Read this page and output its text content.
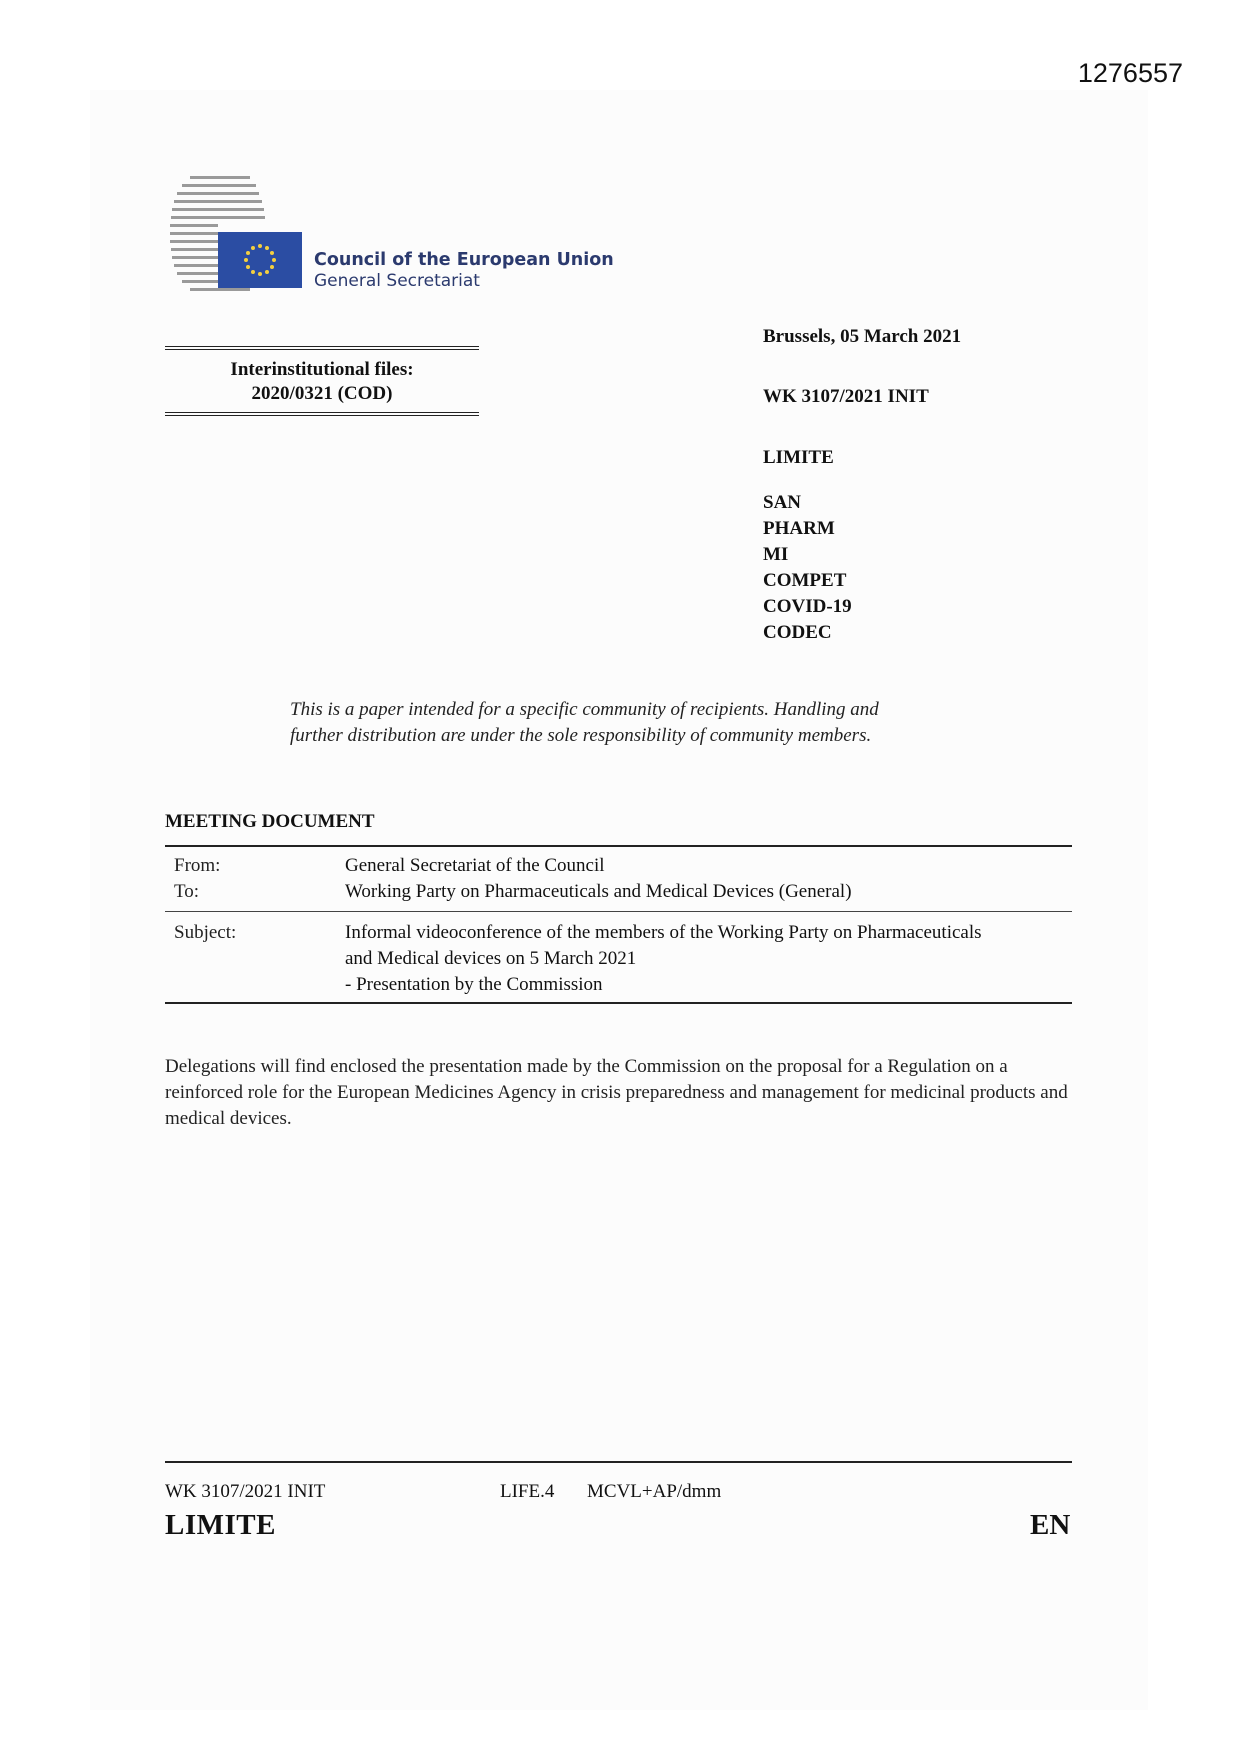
1276557
Council of the European Union
General Secretariat
Interinstitutional files:
2020/0321 (COD)
Brussels, 05 March 2021
WK 3107/2021 INIT
LIMITE
SAN
PHARM
MI
COMPET
COVID-19
CODEC
This is a paper intended for a specific community of recipients. Handling and
further distribution are under the sole responsibility of community members.
MEETING DOCUMENT
From:	General Secretariat of the Council
To:	Working Party on Pharmaceuticals and Medical Devices (General)
Subject:	Informal videoconference of the members of the Working Party on Pharmaceuticals
and Medical devices on 5 March 2021
- Presentation by the Commission
Delegations will find enclosed the presentation made by the Commission on the proposal for a Regulation on a reinforced role for the European Medicines Agency in crisis preparedness and management for medicinal products and medical devices.
WK 3107/2021 INIT	LIFE.4 MCVL+AP/dmm
LIMITE	EN
